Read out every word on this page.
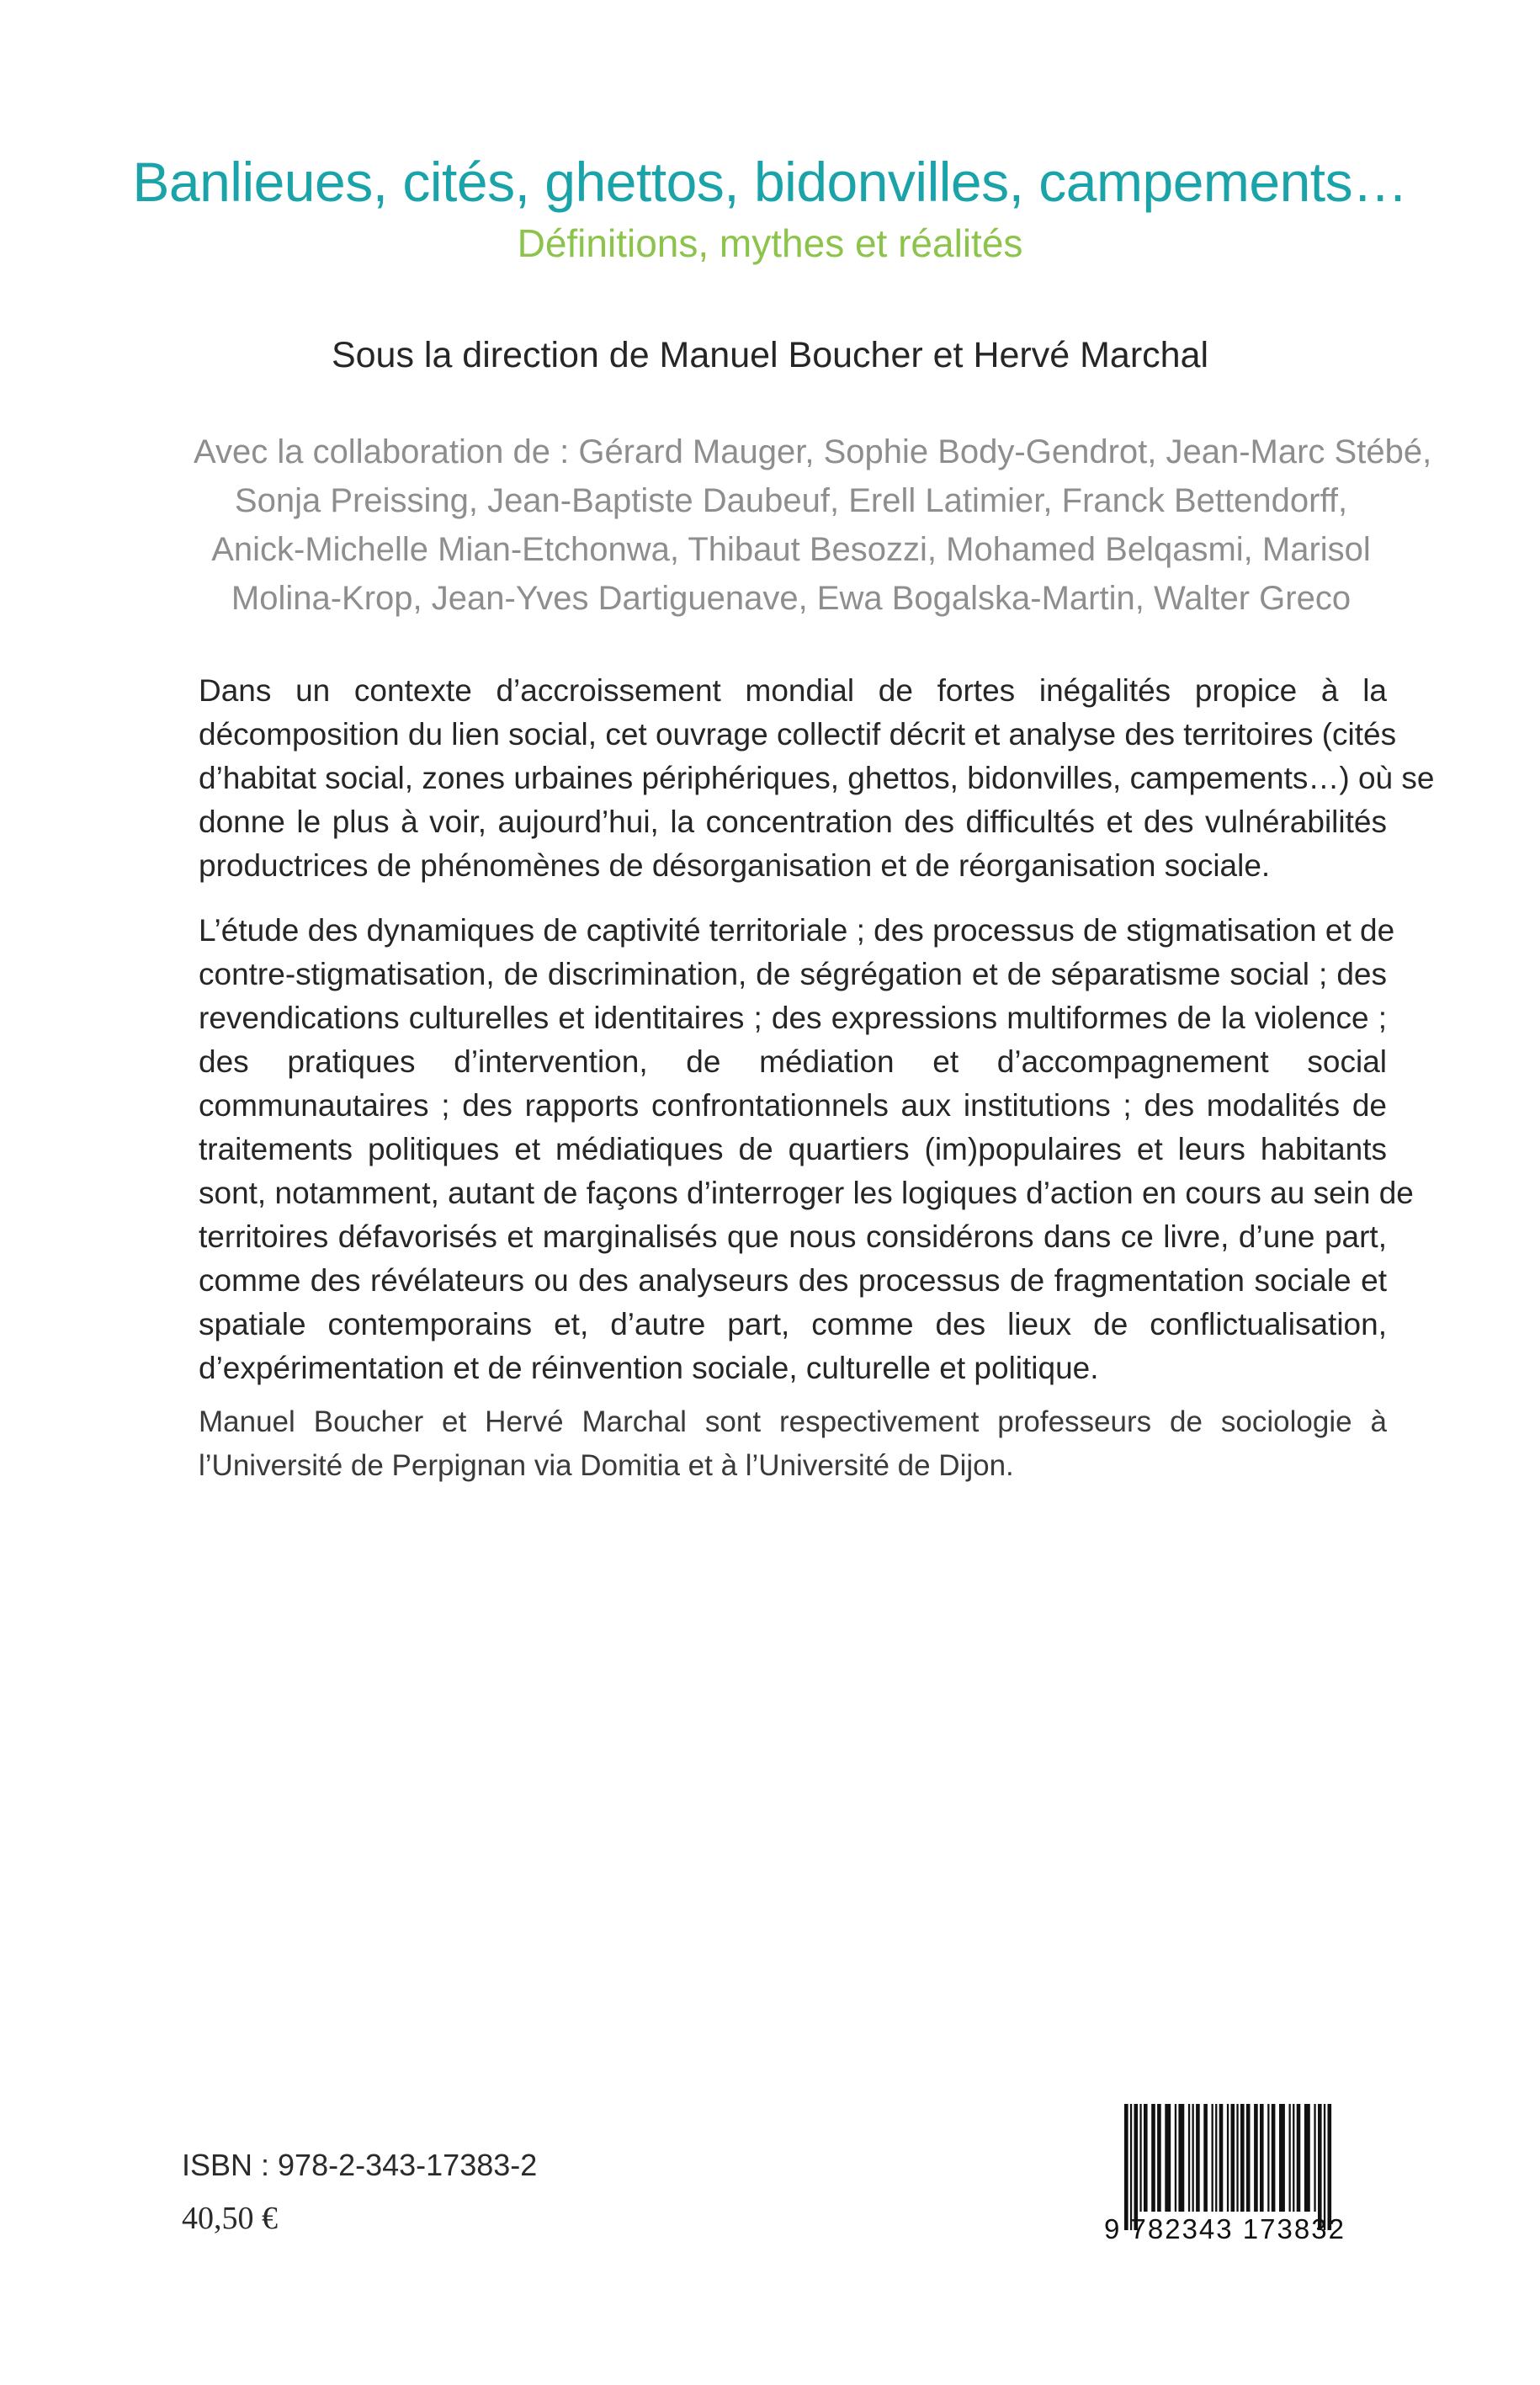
Banlieues, cités, ghettos, bidonvilles, campements…
Définitions, mythes et réalités
Sous la direction de Manuel Boucher et Hervé Marchal
Avec la collaboration de : Gérard Mauger, Sophie Body-Gendrot, Jean-Marc Stébé,
Sonja Preissing, Jean-Baptiste Daubeuf, Erell Latimier, Franck Bettendorff,
Anick-Michelle Mian-Etchonwa, Thibaut Besozzi, Mohamed Belqasmi, Marisol
Molina-Krop, Jean-Yves Dartiguenave, Ewa Bogalska-Martin, Walter Greco
Dans un contexte d’accroissement mondial de fortes inégalités propice à la
décomposition du lien social, cet ouvrage collectif décrit et analyse des territoires (cités
d’habitat social, zones urbaines périphériques, ghettos, bidonvilles, campements…) où se
donne le plus à voir, aujourd’hui, la concentration des difficultés et des vulnérabilités
productrices de phénomènes de désorganisation et de réorganisation sociale.
L’étude des dynamiques de captivité territoriale ; des processus de stigmatisation et de
contre-stigmatisation, de discrimination, de ségrégation et de séparatisme social ; des
revendications culturelles et identitaires ; des expressions multiformes de la violence ;
des pratiques d’intervention, de médiation et d’accompagnement social
communautaires ; des rapports confrontationnels aux institutions ; des modalités de
traitements politiques et médiatiques de quartiers (im)populaires et leurs habitants
sont, notamment, autant de façons d’interroger les logiques d’action en cours au sein de
territoires défavorisés et marginalisés que nous considérons dans ce livre, d’une part,
comme des révélateurs ou des analyseurs des processus de fragmentation sociale et
spatiale contemporains et, d’autre part, comme des lieux de conflictualisation,
d’expérimentation et de réinvention sociale, culturelle et politique.
Manuel Boucher et Hervé Marchal sont respectivement professeurs de sociologie à
l’Université de Perpignan via Domitia et à l’Université de Dijon.
ISBN : 978-2-343-17383-2
40,50 €	9 782343 173832
